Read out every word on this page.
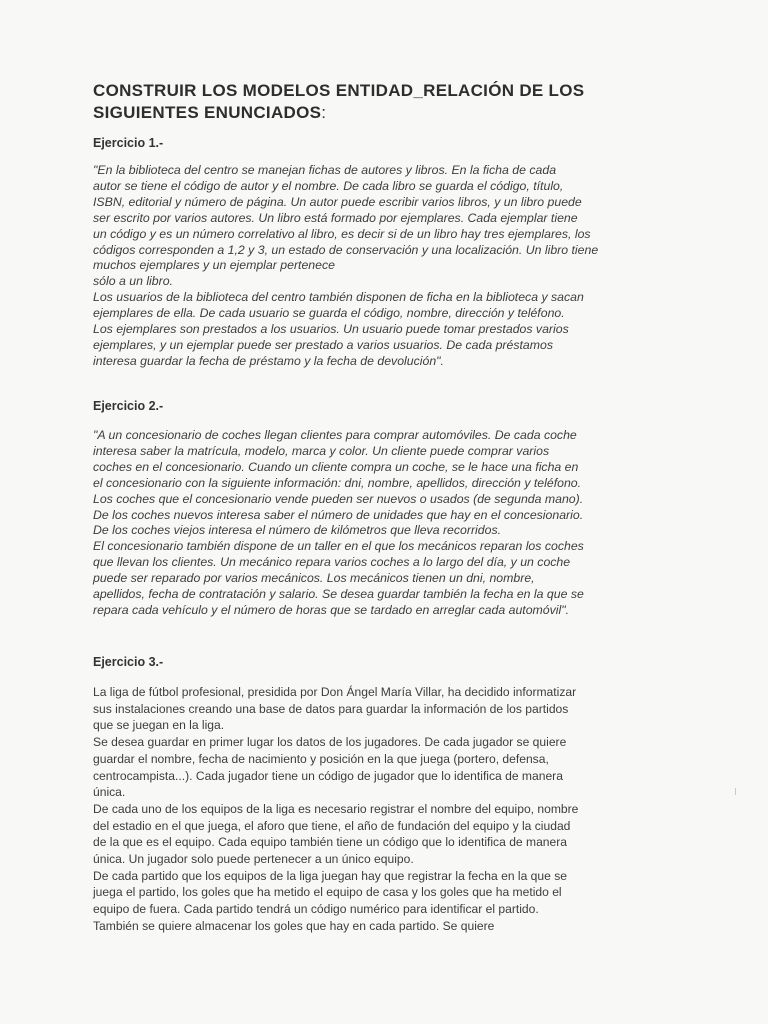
CONSTRUIR LOS MODELOS ENTIDAD_RELACIÓN DE LOS SIGUIENTES ENUNCIADOS:
Ejercicio 1.-

"En la biblioteca del centro se manejan fichas de autores y libros. En la ficha de cada
autor se tiene el código de autor y el nombre. De cada libro se guarda el código, título,
ISBN, editorial y número de página. Un autor puede escribir varios libros, y un libro puede
ser escrito por varios autores. Un libro está formado por ejemplares. Cada ejemplar tiene
un código y es un número correlativo al libro, es decir si de un libro hay tres ejemplares, los
códigos corresponden a 1,2 y 3, un estado de conservación y una localización. Un libro tiene
muchos ejemplares y un ejemplar pertenece
sólo a un libro.
Los usuarios de la biblioteca del centro también disponen de ficha en la biblioteca y sacan
ejemplares de ella. De cada usuario se guarda el código, nombre, dirección y teléfono.
Los ejemplares son prestados a los usuarios. Un usuario puede tomar prestados varios
ejemplares, y un ejemplar puede ser prestado a varios usuarios. De cada préstamos
interesa guardar la fecha de préstamo y la fecha de devolución".

Ejercicio 2.-

"A un concesionario de coches llegan clientes para comprar automóviles. De cada coche
interesa saber la matrícula, modelo, marca y color. Un cliente puede comprar varios
coches en el concesionario. Cuando un cliente compra un coche, se le hace una ficha en
el concesionario con la siguiente información: dni, nombre, apellidos, dirección y teléfono.
Los coches que el concesionario vende pueden ser nuevos o usados (de segunda mano).
De los coches nuevos interesa saber el número de unidades que hay en el concesionario.
De los coches viejos interesa el número de kilómetros que lleva recorridos.
El concesionario también dispone de un taller en el que los mecánicos reparan los coches
que llevan los clientes. Un mecánico repara varios coches a lo largo del día, y un coche
puede ser reparado por varios mecánicos. Los mecánicos tienen un dni, nombre,
apellidos, fecha de contratación y salario. Se desea guardar también la fecha en la que se
repara cada vehículo y el número de horas que se tardado en arreglar cada automóvil".

Ejercicio 3.-

La liga de fútbol profesional, presidida por Don Ángel María Villar, ha decidido informatizar
sus instalaciones creando una base de datos para guardar la información de los partidos
que se juegan en la liga.
Se desea guardar en primer lugar los datos de los jugadores. De cada jugador se quiere
guardar el nombre, fecha de nacimiento y posición en la que juega (portero, defensa,
centrocampista...). Cada jugador tiene un código de jugador que lo identifica de manera
única.
De cada uno de los equipos de la liga es necesario registrar el nombre del equipo, nombre
del estadio en el que juega, el aforo que tiene, el año de fundación del equipo y la ciudad
de la que es el equipo. Cada equipo también tiene un código que lo identifica de manera
única. Un jugador solo puede pertenecer a un único equipo.
De cada partido que los equipos de la liga juegan hay que registrar la fecha en la que se
juega el partido, los goles que ha metido el equipo de casa y los goles que ha metido el
equipo de fuera. Cada partido tendrá un código numérico para identificar el partido.
También se quiere almacenar los goles que hay en cada partido. Se quiere
